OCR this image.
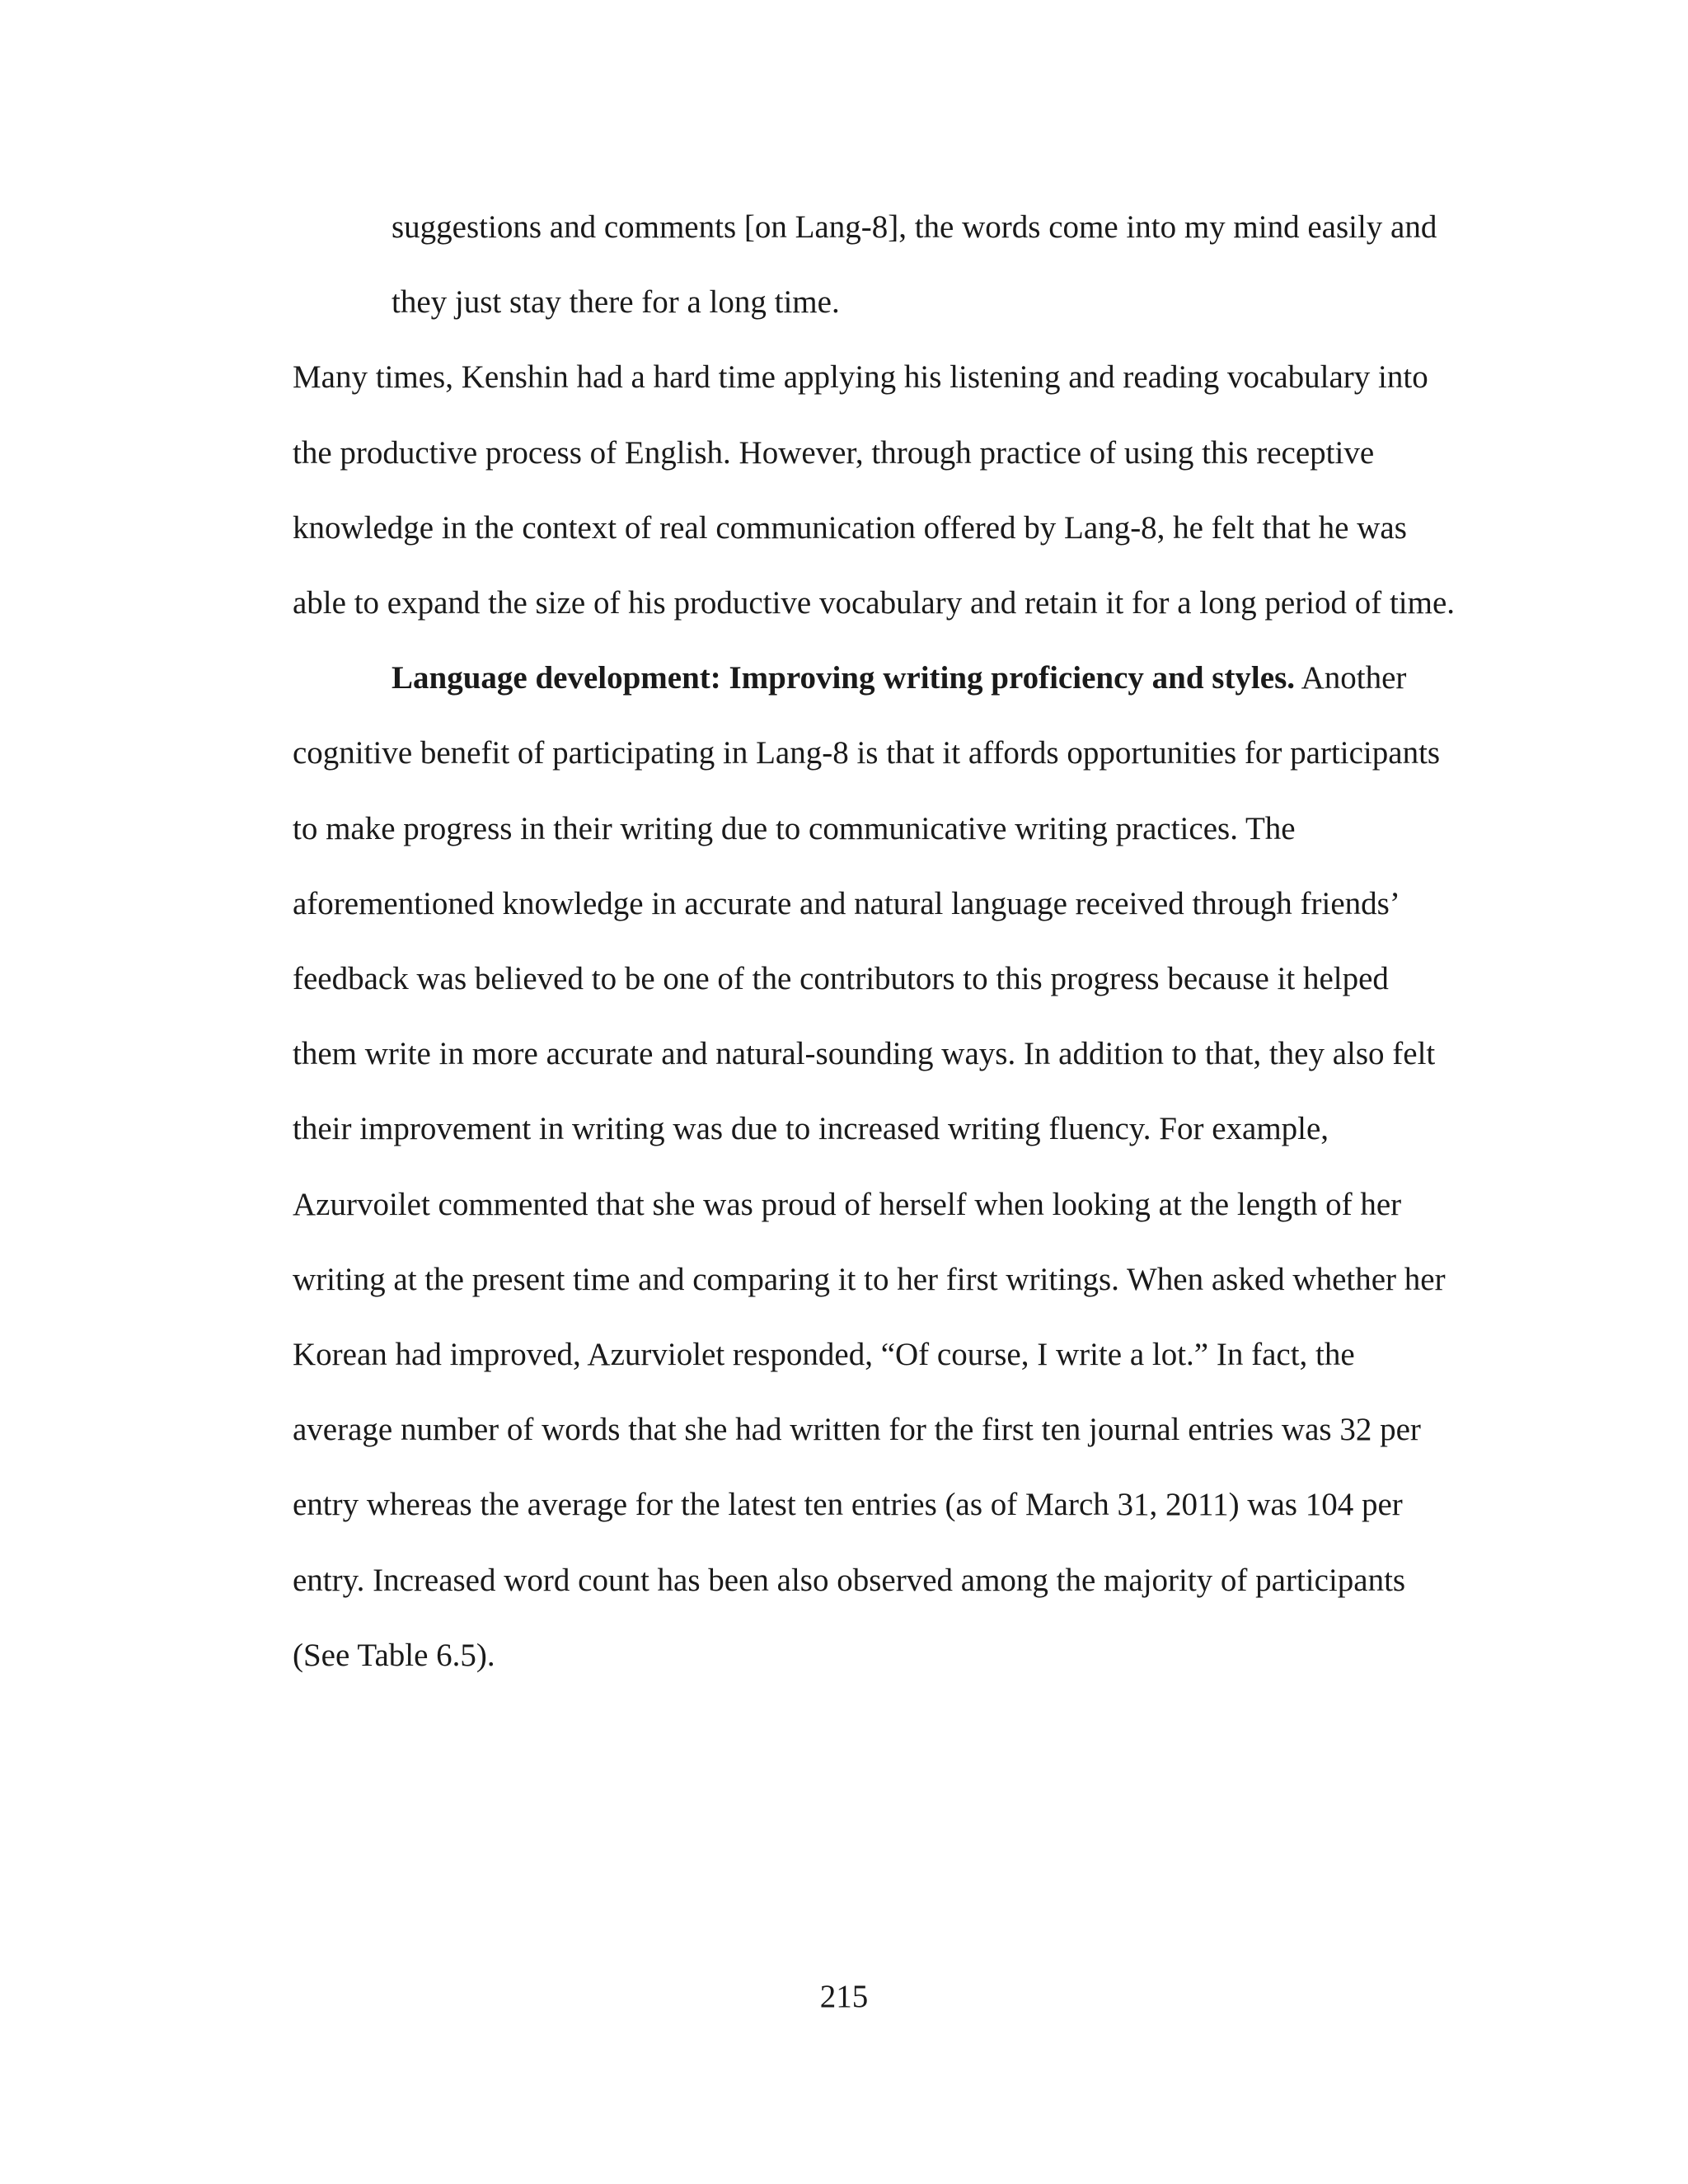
suggestions and comments [on Lang-8], the words come into my mind easily and
they just stay there for a long time.
Many times, Kenshin had a hard time applying his listening and reading vocabulary into
the productive process of English. However, through practice of using this receptive
knowledge in the context of real communication offered by Lang-8, he felt that he was
able to expand the size of his productive vocabulary and retain it for a long period of time.
Language development: Improving writing proficiency and styles. Another
cognitive benefit of participating in Lang-8 is that it affords opportunities for participants
to make progress in their writing due to communicative writing practices. The
aforementioned knowledge in accurate and natural language received through friends’
feedback was believed to be one of the contributors to this progress because it helped
them write in more accurate and natural-sounding ways. In addition to that, they also felt
their improvement in writing was due to increased writing fluency. For example,
Azurvoilet commented that she was proud of herself when looking at the length of her
writing at the present time and comparing it to her first writings. When asked whether her
Korean had improved, Azurviolet responded, “Of course, I write a lot.” In fact, the
average number of words that she had written for the first ten journal entries was 32 per
entry whereas the average for the latest ten entries (as of March 31, 2011) was 104 per
entry. Increased word count has been also observed among the majority of participants
(See Table 6.5).
215
